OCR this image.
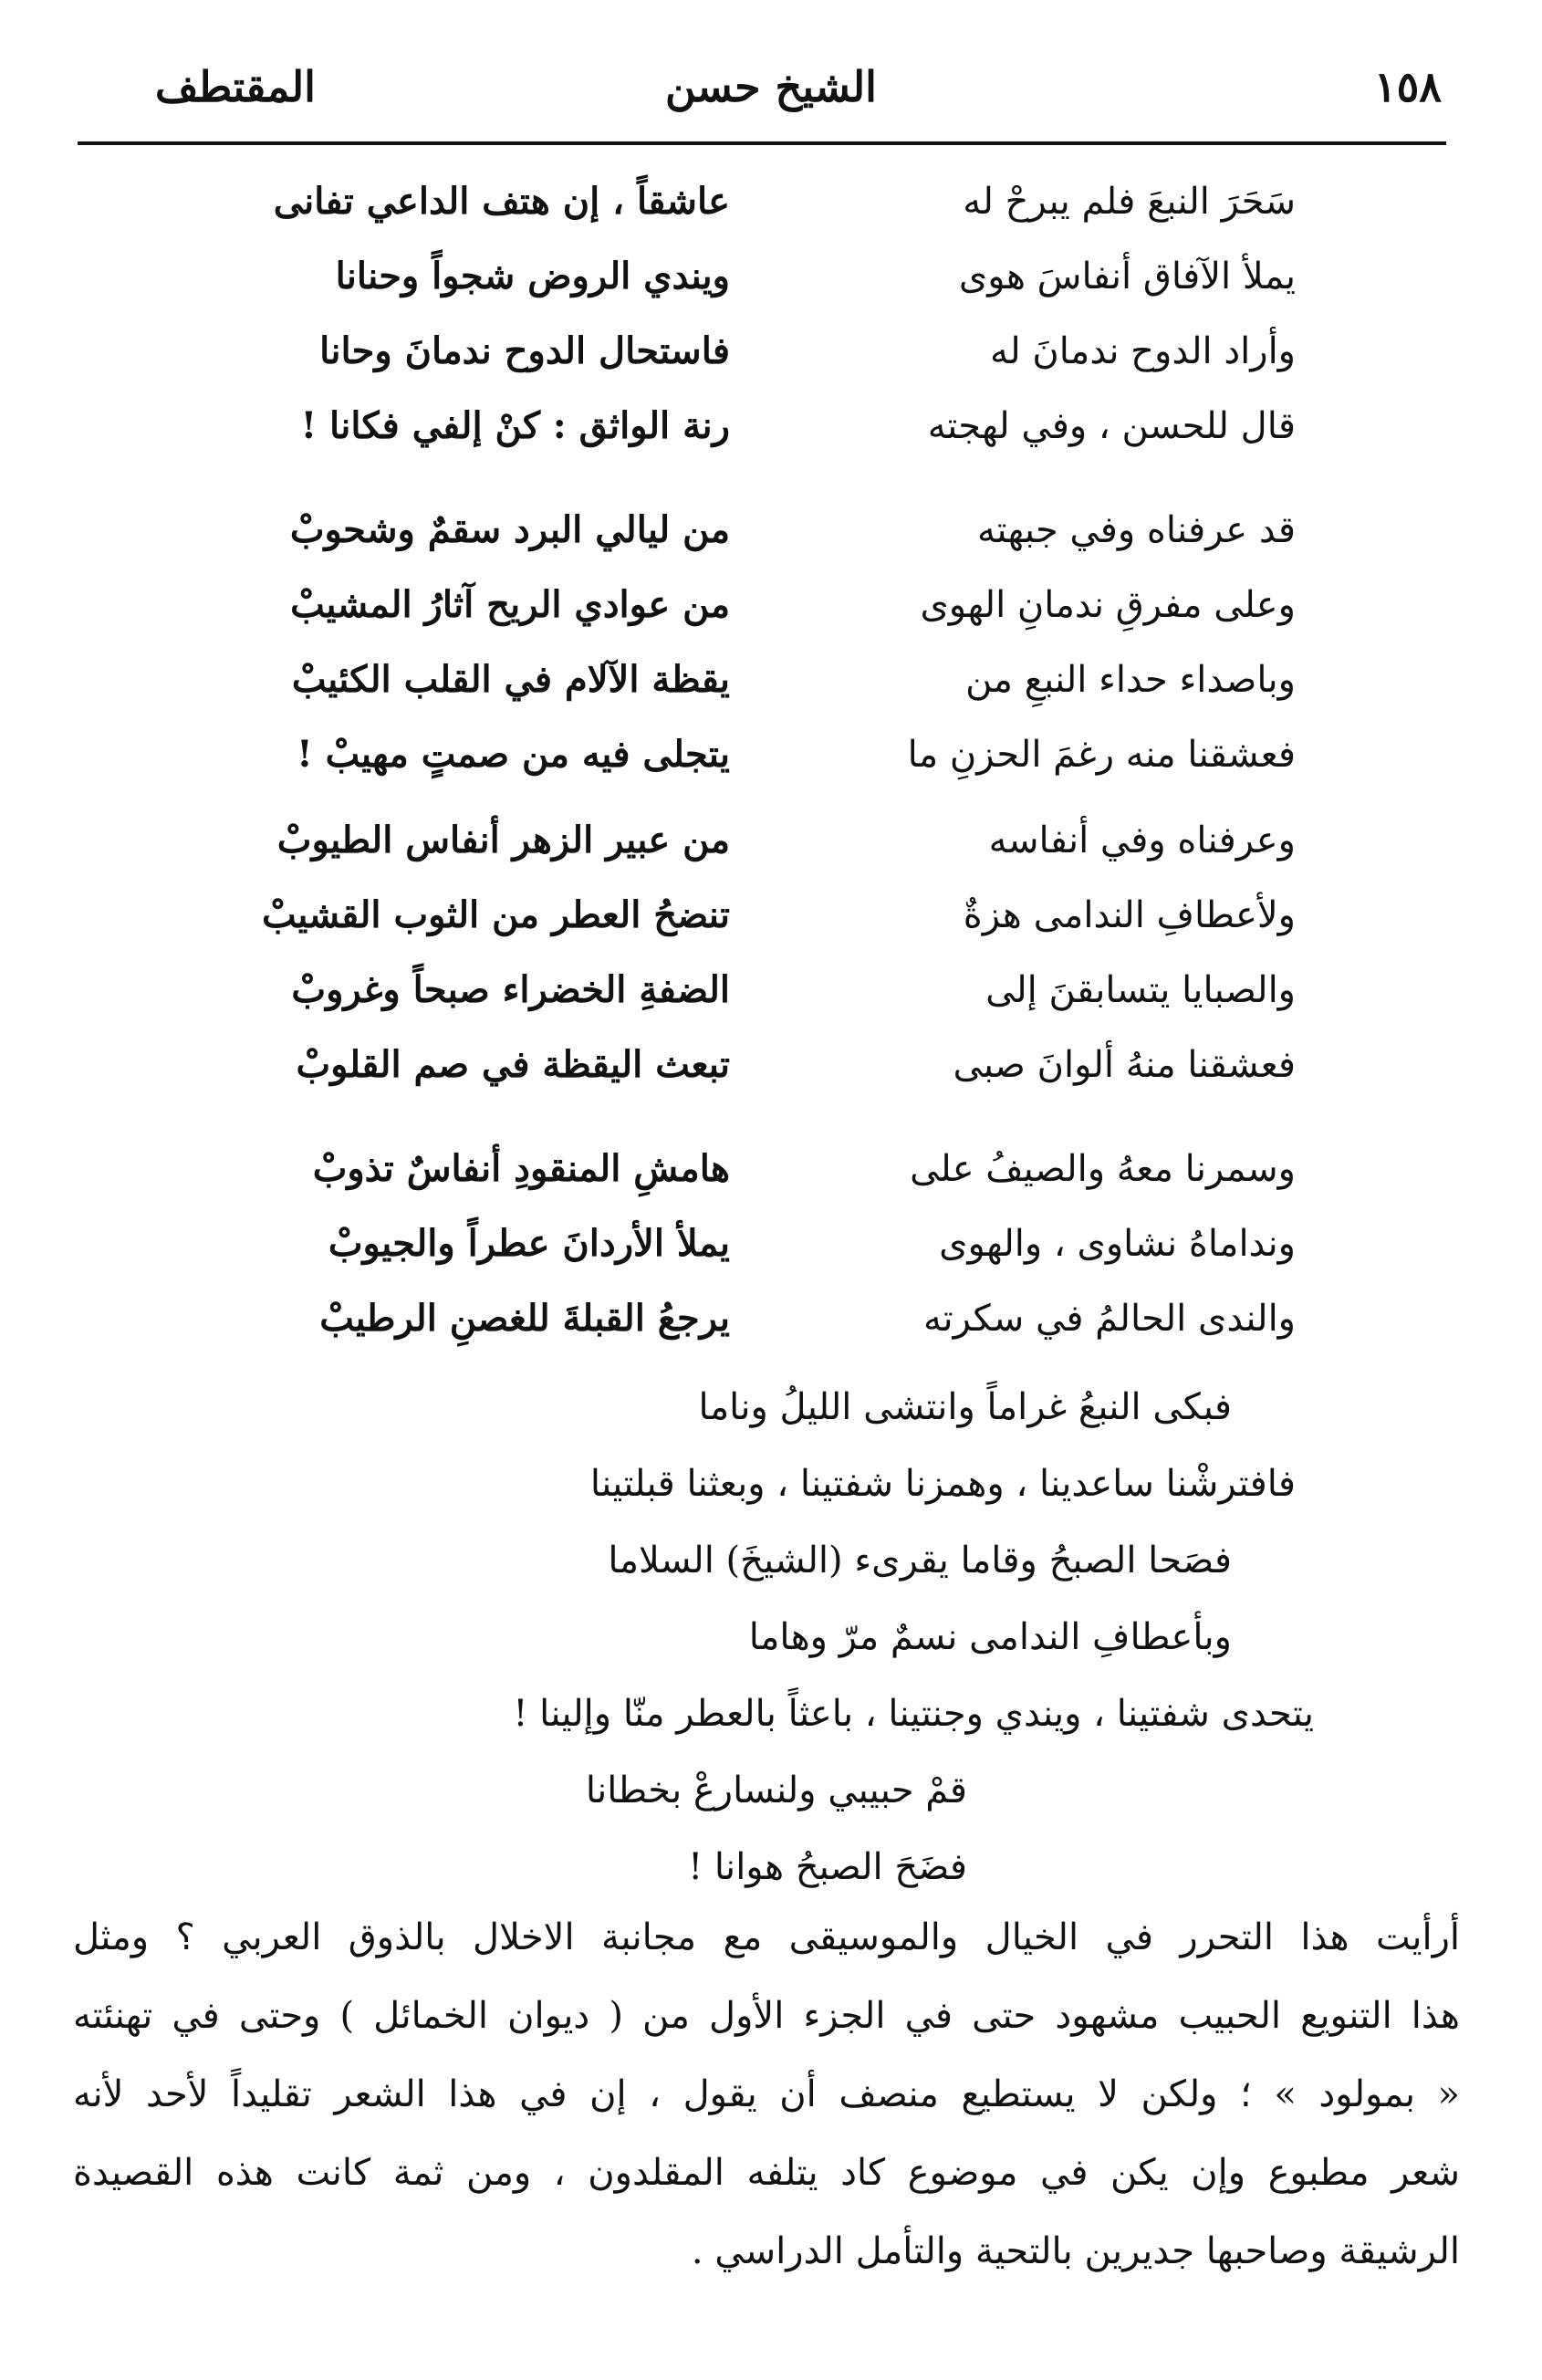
١٥٨
الشيخ حسن
المقتطف
سَحَرَ النبعَ فلم يبرحْ له
عاشقاً ، إن هتف الداعي تفانى
يملأ الآفاق أنفاسَ هوى
ويندي الروض شجواً وحنانا
وأراد الدوح ندمانَ له
فاستحال الدوح ندمانَ وحانا
قال للحسن ، وفي لهجته
رنة الواثق : كنْ إلفي فكانا !
قد عرفناه وفي جبهته
من ليالي البرد سقمٌ وشحوبْ
وعلى مفرقِ ندمانِ الهوى
من عوادي الريح آثارُ المشيبْ
وباصداء حداء النبعِ من
يقظة الآلام في القلب الكئيبْ
فعشقنا منه رغمَ الحزنِ ما
يتجلى فيه من صمتٍ مهيبْ !
وعرفناه وفي أنفاسه
من عبير الزهر أنفاس الطيوبْ
ولأعطافِ الندامى هزةٌ
تنضحُ العطر من الثوب القشيبْ
والصبايا يتسابقنَ إلى
الضفةِ الخضراء صبحاً وغروبْ
فعشقنا منهُ ألوانَ صبى
تبعث اليقظة في صم القلوبْ
وسمرنا معهُ والصيفُ على
هامشِ المنقودِ أنفاسٌ تذوبْ
ونداماهُ نشاوى ، والهوى
يملأ الأردانَ عطراً والجيوبْ
والندى الحالمُ في سكرته
يرجعُ القبلةَ للغصنِ الرطيبْ
فبكى النبعُ غراماً وانتشى الليلُ وناما
فافترشْنا ساعدينا ، وهمزنا شفتينا ، وبعثنا قبلتينا
فصَحا الصبحُ وقاما يقرىء (الشيخَ) السلاما
وبأعطافِ الندامى نسمٌ مرّ وهاما
يتحدى شفتينا ، ويندي وجنتينا ، باعثاً بالعطر منّا وإلينا !
قمْ حبيبي ولنسارعْ بخطانا
فضَحَ الصبحُ هوانا !
أرأيت هذا التحرر في الخيال والموسيقى مع مجانبة الاخلال بالذوق العربي ؟ ومثل
هذا التنويع الحبيب مشهود حتى في الجزء الأول من ( ديوان الخمائل ) وحتى في تهنئته
« بمولود » ؛ ولكن لا يستطيع منصف أن يقول ، إن في هذا الشعر تقليداً لأحد لأنه
شعر مطبوع وإن يكن في موضوع كاد يتلفه المقلدون ، ومن ثمة كانت هذه القصيدة
الرشيقة وصاحبها جديرين بالتحية والتأمل الدراسي .
